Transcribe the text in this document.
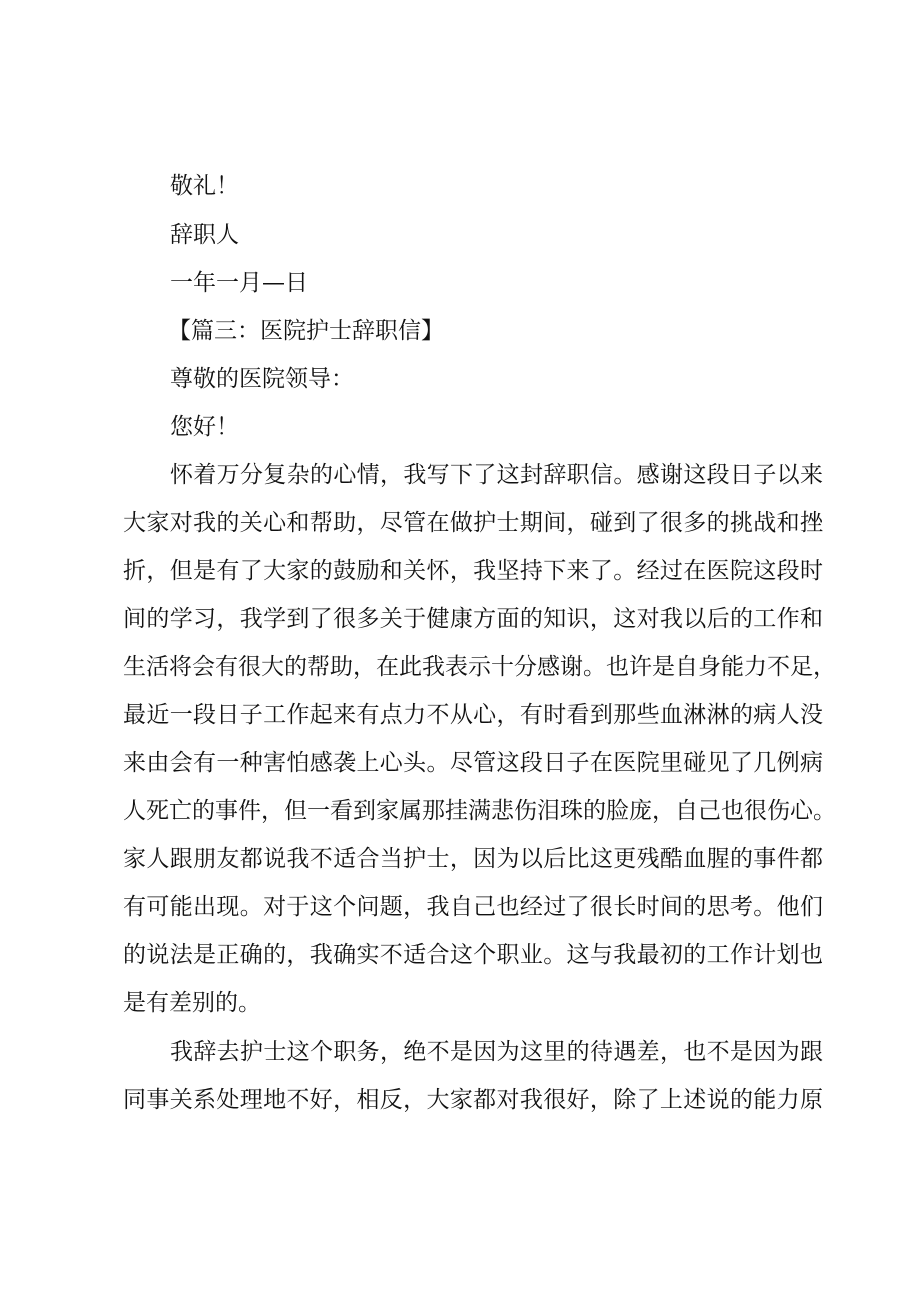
敬礼！
辞职人
一年一月—日
【篇三：医院护士辞职信】
尊敬的医院领导：
您好！
怀着万分复杂的心情，我写下了这封辞职信。感谢这段日子以来
大家对我的关心和帮助，尽管在做护士期间，碰到了很多的挑战和挫
折，但是有了大家的鼓励和关怀，我坚持下来了。经过在医院这段时
间的学习，我学到了很多关于健康方面的知识，这对我以后的工作和
生活将会有很大的帮助，在此我表示十分感谢。也许是自身能力不足，
最近一段日子工作起来有点力不从心，有时看到那些血淋淋的病人没
来由会有一种害怕感袭上心头。尽管这段日子在医院里碰见了几例病
人死亡的事件，但一看到家属那挂满悲伤泪珠的脸庞，自己也很伤心。
家人跟朋友都说我不适合当护士，因为以后比这更残酷血腥的事件都
有可能出现。对于这个问题，我自己也经过了很长时间的思考。他们
的说法是正确的，我确实不适合这个职业。这与我最初的工作计划也
是有差别的。
我辞去护士这个职务，绝不是因为这里的待遇差，也不是因为跟
同事关系处理地不好，相反，大家都对我很好，除了上述说的能力原
